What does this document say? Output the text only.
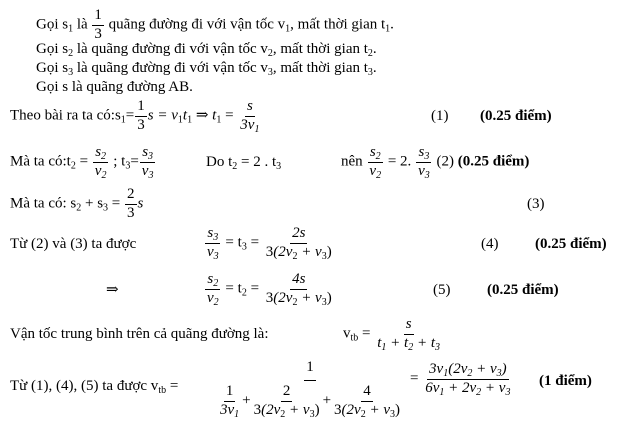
Gọi $s_1$ là $\frac{1}{3}$ quãng đường đi với vận tốc $v_1$, mất thời gian $t_1$.
Gọi $s_2$ là quãng đường đi với vận tốc $v_2$, mất thời gian $t_2$.
Gọi $s_3$ là quãng đường đi với vận tốc $v_3$, mất thời gian $t_3$.
Gọi s là quãng đường AB.
Theo bài ra ta $có:s_1= \frac{1}{3}$ $s = v_1t_1$ ⇒ $t_1 = \frac{s}{3v_1}$	(1) (0.25 điểm)
Mà ta $có:t_2 = \frac{s_2}{v_2}$ ; $t_3= \frac{s_3}{v_3}$	Do $t_2 = 2$ . $t_3$	nên $\frac{s_2}{v_2} = 2$. $\frac{s_3}{v_3} (2)$ (0.25 điểm)
Mà ta có: $s_2 + s_3 = \frac{2}{3}$ s	(3)
Từ (2) và (3) ta được	$\frac{s_3}{v_3} = t_3 = \frac{2s}{3(2v_2 + v_3)}$	(4) (0.25 điểm)
⇒	$\frac{s_2}{v_2} = t_2 = \frac{4s}{3(2v_2 + v_3)}$	(5) (0.25 điểm)
Vận tốc trung bình trên cả quãng đường là:	$v_{tb} = \frac{s}{t_1 + t_2 + t_3}$
Từ (1), (4), (5) ta được $v_{tb} = \frac{1}{\frac{1}{3v_1} + \frac{2}{3(2v_2 + v_3)} + \frac{4}{3(2v_2 + v_3)}} = \frac{3v_1(2v_2 + v_3)}{6v_1 + 2v_2 + v_3} (1$ điểm)
